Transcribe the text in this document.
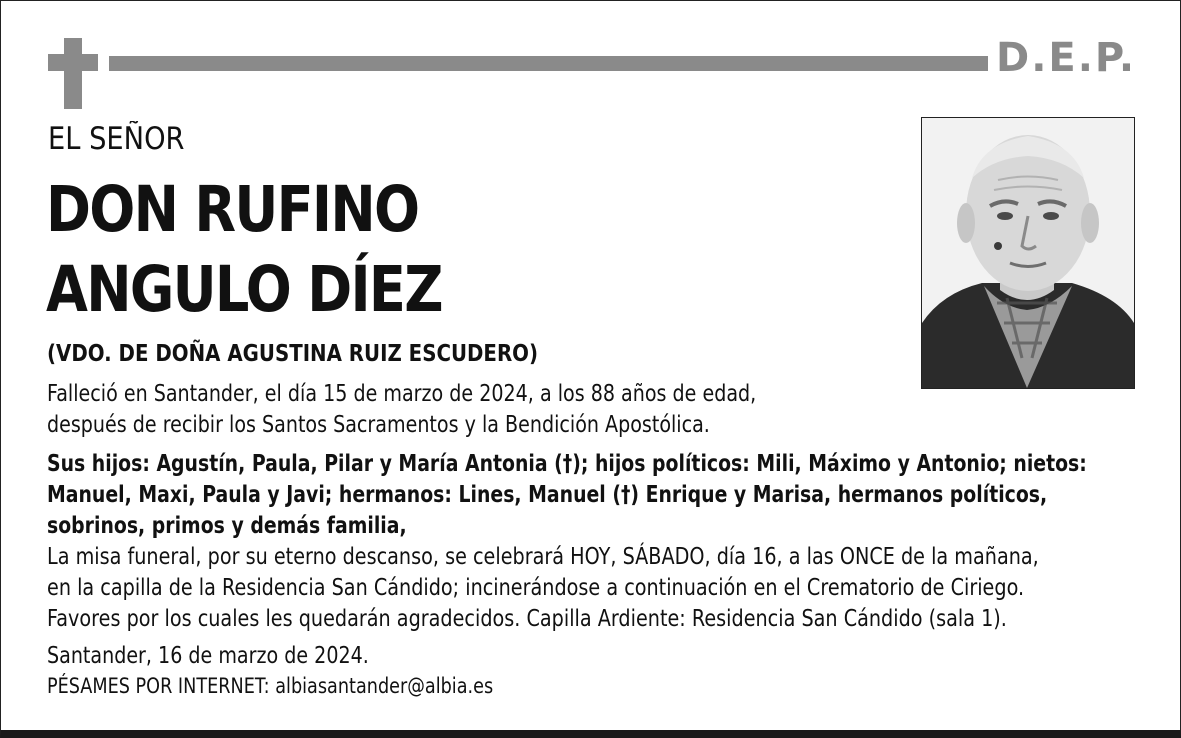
D.E.P.
EL SEÑOR
DON RUFINO
ANGULO DÍEZ
(VDO. DE DOÑA AGUSTINA RUIZ ESCUDERO)
Falleció en Santander, el día 15 de marzo de 2024, a los 88 años de edad,
después de recibir los Santos Sacramentos y la Bendición Apostólica.
Sus hijos: Agustín, Paula, Pilar y María Antonia (†); hijos políticos: Mili, Máximo y Antonio; nietos:
Manuel, Maxi, Paula y Javi; hermanos: Lines, Manuel (†) Enrique y Marisa, hermanos políticos,
sobrinos, primos y demás familia,
La misa funeral, por su eterno descanso, se celebrará HOY, SÁBADO, día 16, a las ONCE de la mañana,
en la capilla de la Residencia San Cándido; incinerándose a continuación en el Crematorio de Ciriego.
Favores por los cuales les quedarán agradecidos. Capilla Ardiente: Residencia San Cándido (sala 1).
Santander, 16 de marzo de 2024.
PÉSAMES POR INTERNET: albiasantander@albia.es
